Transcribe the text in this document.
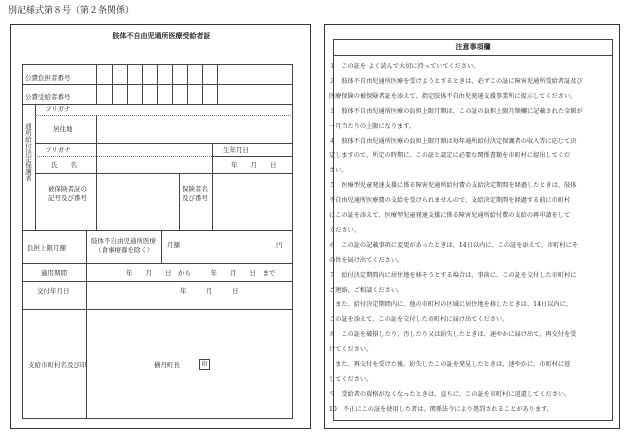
別記様式第８号（第２条関係）
肢体不自由児通所医療受給者証
公費負担者番号
公費受給者番号
通所給付決定保護者
フリガナ
居住地
フリガナ	生年月日
氏　　名	年　　月　　日
被保険者証の
記号及び番号
保険者名
及び番号
負担上限月額
肢体不自由児通所医療
（食事療養を除く）
月額	円
適用期間	年　　月　　日　から　　　年　　月　　日　まで
交付年月日	年　　　月　　　日
支給市町村名及び印	横丹町長	印
注意事項欄
１　この証を よく読んで大切に持っていてください。
２　肢体不自由児通所医療を受けようとするときは、必ずこの証に障害児通所受給者証及び
医療保険の被保険者証を添えて、指定肢体不自由児発達支援事業所に提示してください。
３　肢体不自由児通所医療の負担上限月額は、この証の負担上限月額欄に記載された金額が
一月当たりの上限になります。
４　肢体不自由児通所医療の負担上限月額は毎年通所給付決定保護者の収入等に応じて決
定しますので、所定の時期に、この証と認定に必要な関係書類を市町村に提出してくだ
さい。
５　医療型児童発達支援に係る障害児通所給付費の支給決定期間を経過したときは、肢体
不自由児通所医療費の支給を受けられませんので、支給決定期間を経過する前に市町村
にこの証を添えて、医療型児童発達支援に係る障害児通所給付費の支給の再申請をして
ください。
６　この証の記載事項に変更があったときは、14日以内に、この証を添えて、市町村にそ
の旨を届け出てください。
７　給付決定期間内に居住地を移そうとする場合は、事前に、この証を交付した市町村に
ご連絡、ご相談ください。
　また、給付決定期間内に、他の市町村の区域に居住地を移したときは、14日以内に、
この証を添えて、この証を交付した市町村に届け出てください。
８　この証を破損したり、汚したり又は紛失したときは、速やかに届け出て、再交付を受
けてください。
　また、再交付を受けた後、紛失したこの証を発見したときは、速やかに、市町村に返
してください。
９　受給者の資格がなくなったときは、直ちに、この証を市町村に返還してください。
10　不正にこの証を使用した者は、関係法令により処罰されることがあります。
